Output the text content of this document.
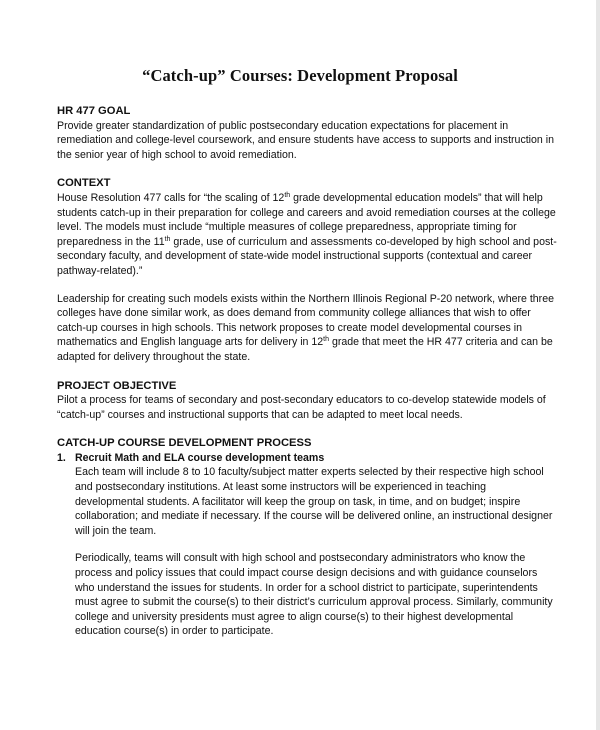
“Catch-up” Courses: Development Proposal
HR 477 GOAL

Provide greater standardization of public postsecondary education expectations for placement in remediation and college-level coursework, and ensure students have access to supports and instruction in the senior year of high school to avoid remediation.

CONTEXT

House Resolution 477 calls for “the scaling of 12th grade developmental education models” that will help students catch-up in their preparation for college and careers and avoid remediation courses at the college level. The models must include “multiple measures of college preparedness, appropriate timing for preparedness in the 11th grade, use of curriculum and assessments co-developed by high school and post-secondary faculty, and development of state-wide model instructional supports (contextual and career pathway-related).”

Leadership for creating such models exists within the Northern Illinois Regional P-20 network, where three colleges have done similar work, as does demand from community college alliances that wish to offer catch-up courses in high schools. This network proposes to create model developmental courses in mathematics and English language arts for delivery in 12th grade that meet the HR 477 criteria and can be adapted for delivery throughout the state.

PROJECT OBJECTIVE

Pilot a process for teams of secondary and post-secondary educators to co-develop statewide models of “catch-up” courses and instructional supports that can be adapted to meet local needs.

CATCH-UP COURSE DEVELOPMENT PROCESS
1. Recruit Math and ELA course development teams

Each team will include 8 to 10 faculty/subject matter experts selected by their respective high school and postsecondary institutions. At least some instructors will be experienced in teaching developmental students. A facilitator will keep the group on task, in time, and on budget; inspire collaboration; and mediate if necessary. If the course will be delivered online, an instructional designer will join the team.

Periodically, teams will consult with high school and postsecondary administrators who know the process and policy issues that could impact course design decisions and with guidance counselors who understand the issues for students. In order for a school district to participate, superintendents must agree to submit the course(s) to their district’s curriculum approval process. Similarly, community college and university presidents must agree to align course(s) to their highest developmental education course(s) in order to participate.
